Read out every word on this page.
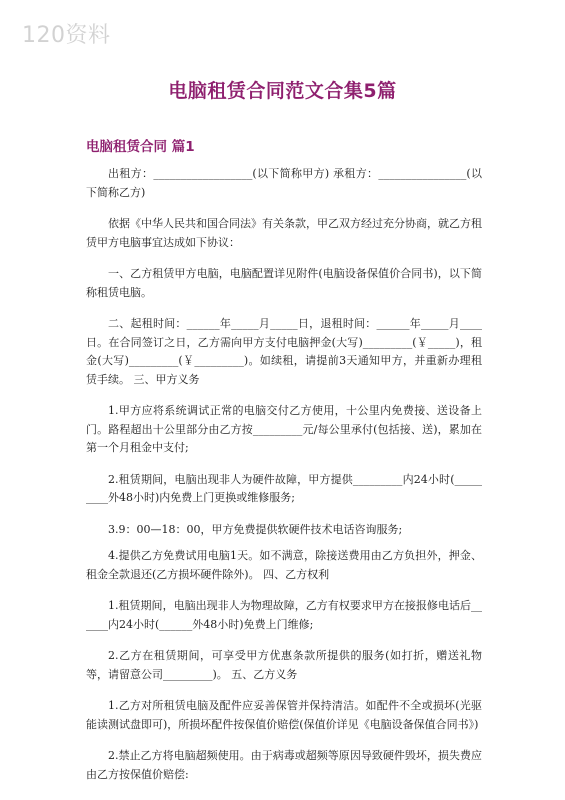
120资料
电脑租赁合同范文合集5篇
电脑租赁合同 篇1

出租方：__________________(以下简称甲方) 承租方：________________(以下简称乙方)

依据《中华人民共和国合同法》有关条款，甲乙双方经过充分协商，就乙方租赁甲方电脑事宜达成如下协议：

一、乙方租赁甲方电脑，电脑配置详见附件(电脑设备保值价合同书)，以下简称租赁电脑。

二、起租时间：______年_____月_____日，退租时间：______年_____月____日。在合同签订之日，乙方需向甲方支付电脑押金(大写)_________(￥_____)，租金(大写)_________(￥_________)。如续租，请提前3天通知甲方，并重新办理租赁手续。 三、甲方义务

1.甲方应将系统调试正常的电脑交付乙方使用，十公里内免费接、送设备上门。路程超出十公里部分由乙方按_________元/每公里承付(包括接、送)，累加在第一个月租金中支付;

2.租赁期间，电脑出现非人为硬件故障，甲方提供_________内24小时(_________外48小时)内免费上门更换或维修服务;

3.9：00—18：00，甲方免费提供软硬件技术电话咨询服务;

4.提供乙方免费试用电脑1天。如不满意，除接送费用由乙方负担外，押金、租金全款退还(乙方损坏硬件除外)。 四、乙方权利

1.租赁期间，电脑出现非人为物理故障，乙方有权要求甲方在接报修电话后______内24小时(______外48小时)免费上门维修;

2.乙方在租赁期间，可享受甲方优惠条款所提供的服务(如打折，赠送礼物等，请留意公司_________)。 五、乙方义务

1.乙方对所租赁电脑及配件应妥善保管并保持清洁。如配件不全或损坏(光驱能读测试盘即可)，所损坏配件按保值价赔偿(保值价详见《电脑设备保值合同书》)

2.禁止乙方将电脑超频使用。由于病毒或超频等原因导致硬件毁坏，损失费应由乙方按保值价赔偿:
